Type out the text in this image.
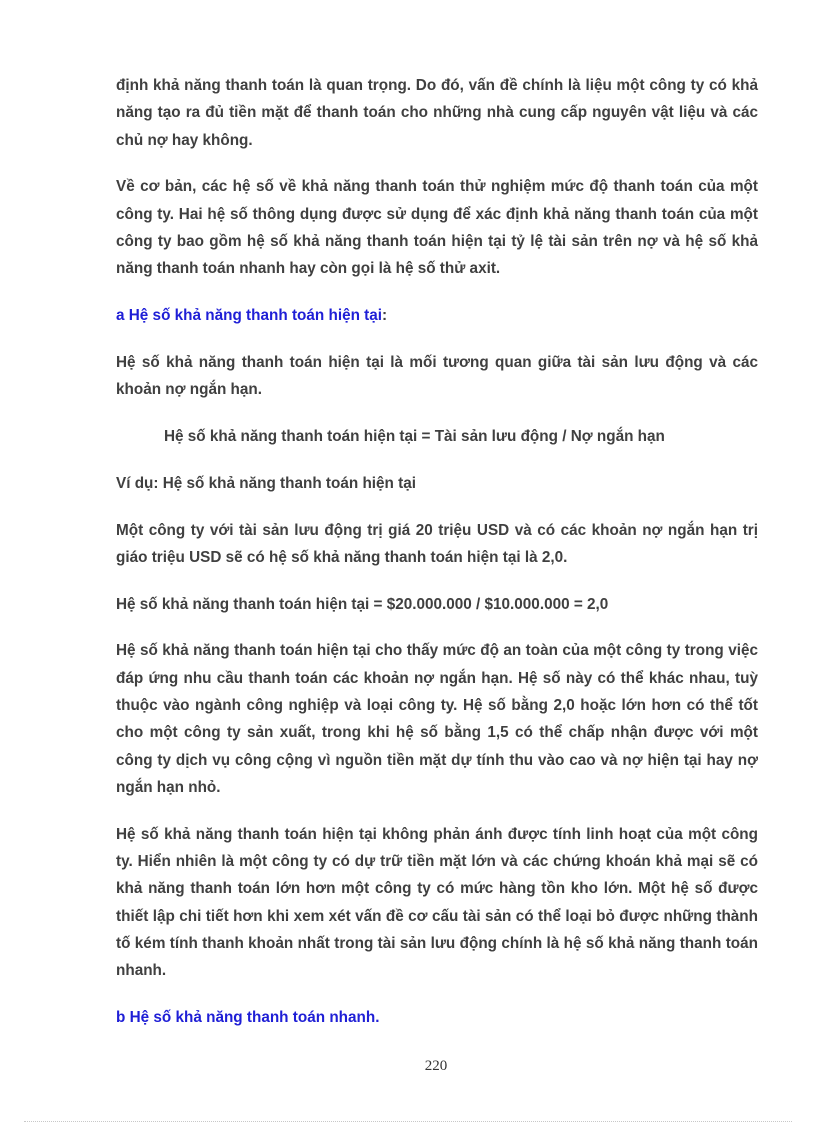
định khả năng thanh toán là quan trọng. Do đó, vấn đề chính là liệu một công ty có khả năng tạo ra đủ tiền mặt để thanh toán cho những nhà cung cấp nguyên vật liệu và các chủ nợ hay không.

Về cơ bản, các hệ số về khả năng thanh toán thử nghiệm mức độ thanh toán của một công ty. Hai hệ số thông dụng được sử dụng để xác định khả năng thanh toán của một công ty bao gồm hệ số khả năng thanh toán hiện tại tỷ lệ tài sản trên nợ và hệ số khả năng thanh toán nhanh hay còn gọi là hệ số thử axit.

a Hệ số khả năng thanh toán hiện tại:

Hệ số khả năng thanh toán hiện tại là mối tương quan giữa tài sản lưu động và các khoản nợ ngắn hạn.

Hệ số khả năng thanh toán hiện tại = Tài sản lưu động / Nợ ngắn hạn

Ví dụ: Hệ số khả năng thanh toán hiện tại

Một công ty với tài sản lưu động trị giá 20 triệu USD và có các khoản nợ ngắn hạn trị giáo triệu USD sẽ có hệ số khả năng thanh toán hiện tại là 2,0.

Hệ số khả năng thanh toán hiện tại = $20.000.000 / $10.000.000 = 2,0

Hệ số khả năng thanh toán hiện tại cho thấy mức độ an toàn của một công ty trong việc đáp ứng nhu cầu thanh toán các khoản nợ ngắn hạn. Hệ số này có thể khác nhau, tuỳ thuộc vào ngành công nghiệp và loại công ty. Hệ số bằng 2,0 hoặc lớn hơn có thể tốt cho một công ty sản xuất, trong khi hệ số bằng 1,5 có thể chấp nhận được với một công ty dịch vụ công cộng vì nguồn tiền mặt dự tính thu vào cao và nợ hiện tại hay nợ ngắn hạn nhỏ.

Hệ số khả năng thanh toán hiện tại không phản ánh được tính linh hoạt của một công ty. Hiển nhiên là một công ty có dự trữ tiền mặt lớn và các chứng khoán khả mại sẽ có khả năng thanh toán lớn hơn một công ty có mức hàng tồn kho lớn. Một hệ số được thiết lập chi tiết hơn khi xem xét vấn đề cơ cấu tài sản có thể loại bỏ được những thành tố kém tính thanh khoản nhất trong tài sản lưu động chính là hệ số khả năng thanh toán nhanh.

b Hệ số khả năng thanh toán nhanh.

220
